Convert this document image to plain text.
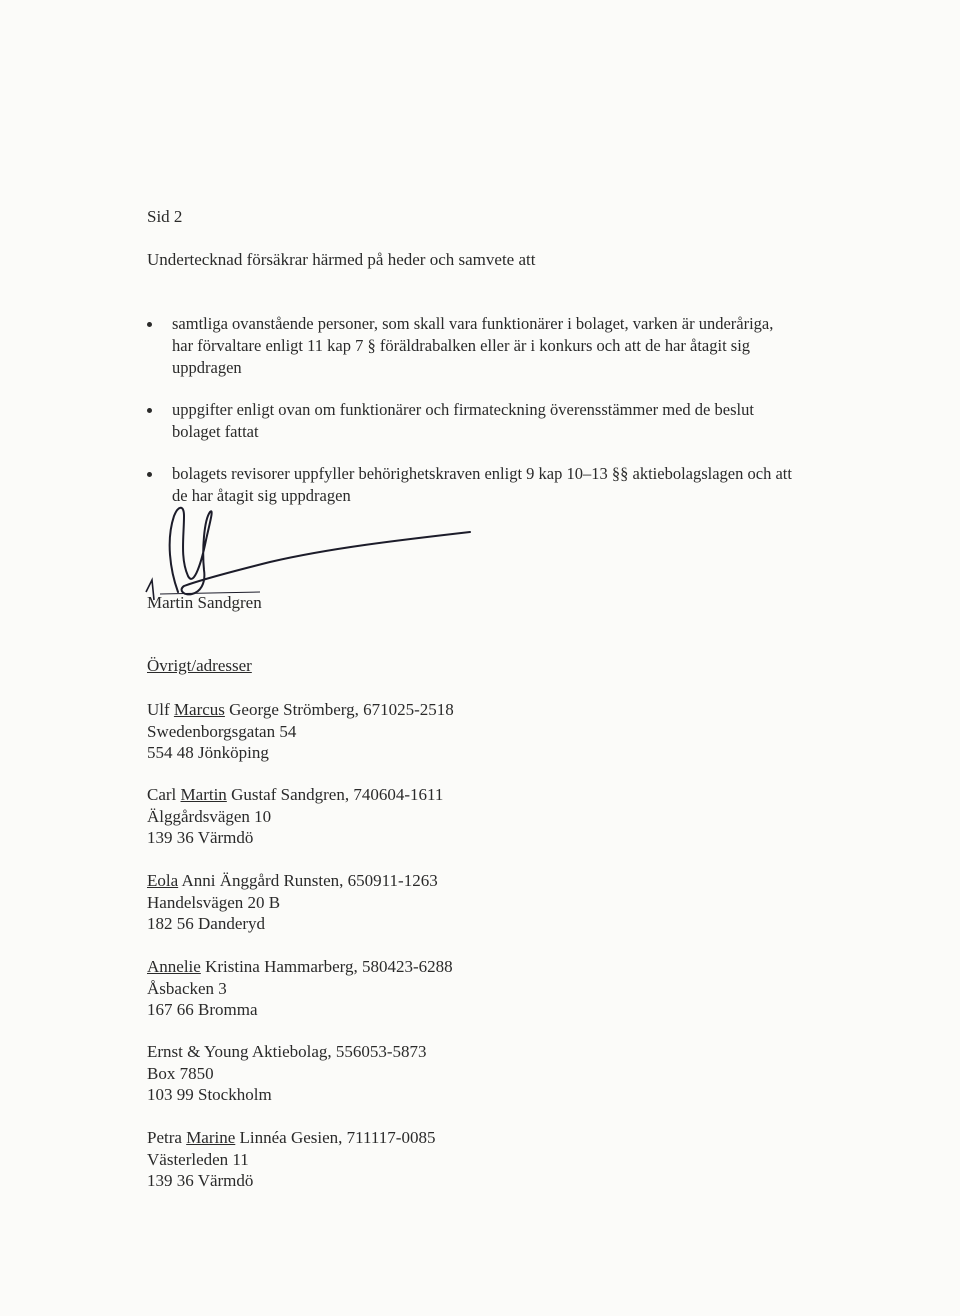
Sid 2
Undertecknad försäkrar härmed på heder och samvete att
samtliga ovanstående personer, som skall vara funktionärer i bolaget, varken är underåriga,
har förvaltare enligt 11 kap 7 § föräldrabalken eller är i konkurs och att de har åtagit sig
uppdragen
uppgifter enligt ovan om funktionärer och firmateckning överensstämmer med de beslut
bolaget fattat
bolagets revisorer uppfyller behörighetskraven enligt 9 kap 10–13 §§ aktiebolagslagen och att
de har åtagit sig uppdragen
Martin Sandgren
Övrigt/adresser
Ulf Marcus George Strömberg, 671025-2518
Swedenborgsgatan 54
554 48 Jönköping
Carl Martin Gustaf Sandgren, 740604-1611
Älggårdsvägen 10
139 36 Värmdö
Eola Anni Änggård Runsten, 650911-1263
Handelsvägen 20 B
182 56 Danderyd
Annelie Kristina Hammarberg, 580423-6288
Åsbacken 3
167 66 Bromma
Ernst & Young Aktiebolag, 556053-5873
Box 7850
103 99 Stockholm
Petra Marine Linnéa Gesien, 711117-0085
Västerleden 11
139 36 Värmdö
